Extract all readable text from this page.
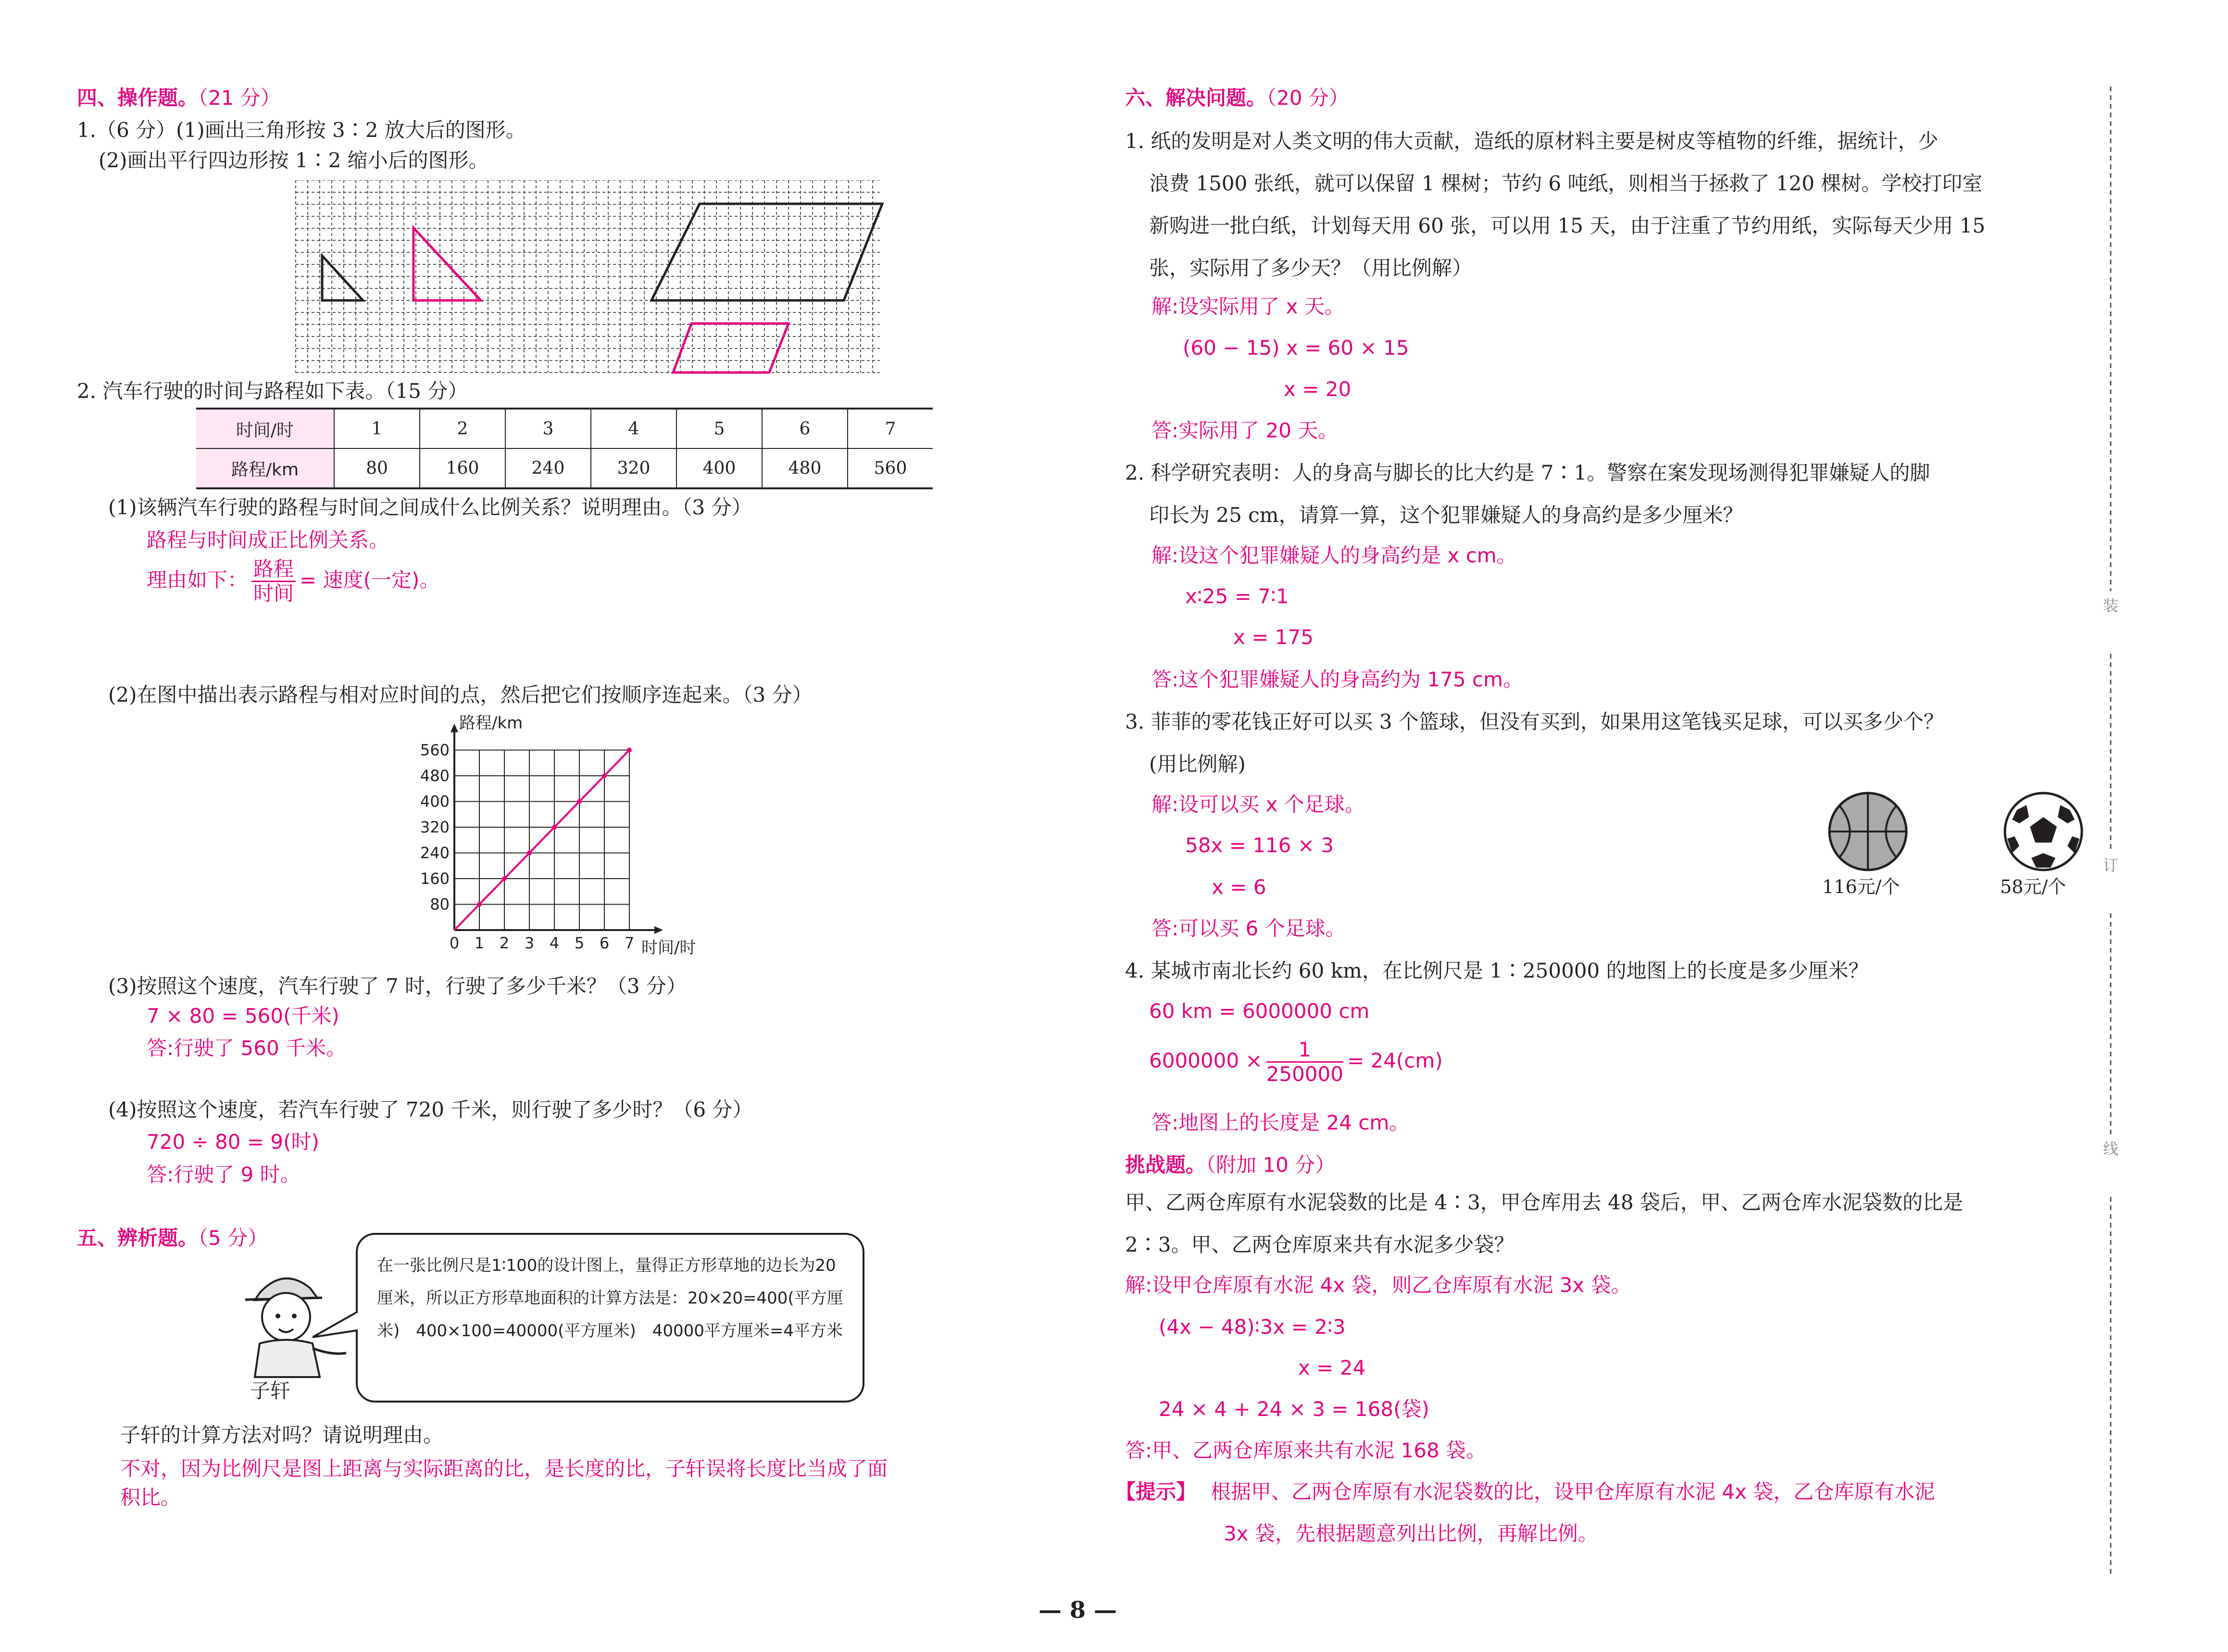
四、操作题。（21 分）
1.（6 分）(1)画出三角形按 3∶2 放大后的图形。
(2)画出平行四边形按 1∶2 缩小后的图形。
2. 汽车行驶的时间与路程如下表。（15 分）
时间/时	1	2	3	4	5	6	7
路程/km	80	160	240	320	400	480	560
(1)该辆汽车行驶的路程与时间之间成什么比例关系？说明理由。（3 分）
路程与时间成正比例关系。
理由如下： $\frac{\text{路程}}{\text{时间}}$ = 速度(一定)。
(2)在图中描出表示路程与相对应时间的点，然后把它们按顺序连起来。（3 分）
0 1 2 3 4 5 6 7
80
160
240
320
400
480
560
路程/km
时间/时
(3)按照这个速度，汽车行驶了 7 时，行驶了多少千米？（3 分）
7 × 80 = 560(千米)
答:行驶了 560 千米。
(4)按照这个速度，若汽车行驶了 720 千米，则行驶了多少时？（6 分）
720 ÷ 80 = 9(时)
答:行驶了 9 时。
五、辨析题。（5 分）
子轩
在一张比例尺是1∶100的设计图上，量得正方形草地的边长为20厘米，所以正方形草地面积的计算方法是：20×20=400(平方厘米)　400×100=40000(平方厘米)　40000平方厘米=4平方米
子轩的计算方法对吗？请说明理由。
不对，因为比例尺是图上距离与实际距离的比，是长度的比，子轩误将长度比当成了面
积比。
六、解决问题。（20 分）
1. 纸的发明是对人类文明的伟大贡献，造纸的原材料主要是树皮等植物的纤维，据统计，少
浪费 1500 张纸，就可以保留 1 棵树；节约 6 吨纸，则相当于拯救了 120 棵树。学校打印室
新购进一批白纸，计划每天用 60 张，可以用 15 天，由于注重了节约用纸，实际每天少用 15
张，实际用了多少天？（用比例解）
解:设实际用了 x 天。
(60 − 15) x = 60 × 15
x = 20
答:实际用了 20 天。
2. 科学研究表明：人的身高与脚长的比大约是 7∶1。警察在案发现场测得犯罪嫌疑人的脚
印长为 25 cm，请算一算，这个犯罪嫌疑人的身高约是多少厘米？
解:设这个犯罪嫌疑人的身高约是 x cm。
x∶25 = 7∶1
x = 175
答:这个犯罪嫌疑人的身高约为 175 cm。
3. 菲菲的零花钱正好可以买 3 个篮球，但没有买到，如果用这笔钱买足球，可以买多少个？
(用比例解)
解:设可以买 x 个足球。
58x = 116 × 3
x = 6
答:可以买 6 个足球。
116元/个	58元/个
4. 某城市南北长约 60 km，在比例尺是 1∶250000 的地图上的长度是多少厘米？
60 km = 6000000 cm
$6000000 \times \frac{1}{250000} = 24(cm)$
答:地图上的长度是 24 cm。
挑战题。（附加 10 分）
甲、乙两仓库原有水泥袋数的比是 4∶3，甲仓库用去 48 袋后，甲、乙两仓库水泥袋数的比是
2∶3。甲、乙两仓库原来共有水泥多少袋？
解:设甲仓库原有水泥 4x 袋，则乙仓库原有水泥 3x 袋。
(4x − 48)∶3x = 2∶3
x = 24
24 × 4 + 24 × 3 = 168(袋)
答:甲、乙两仓库原来共有水泥 168 袋。
【提示】 根据甲、乙两仓库原有水泥袋数的比，设甲仓库原有水泥 4x 袋，乙仓库原有水泥
3x 袋，先根据题意列出比例，再解比例。
装
订
线
— 8 —
